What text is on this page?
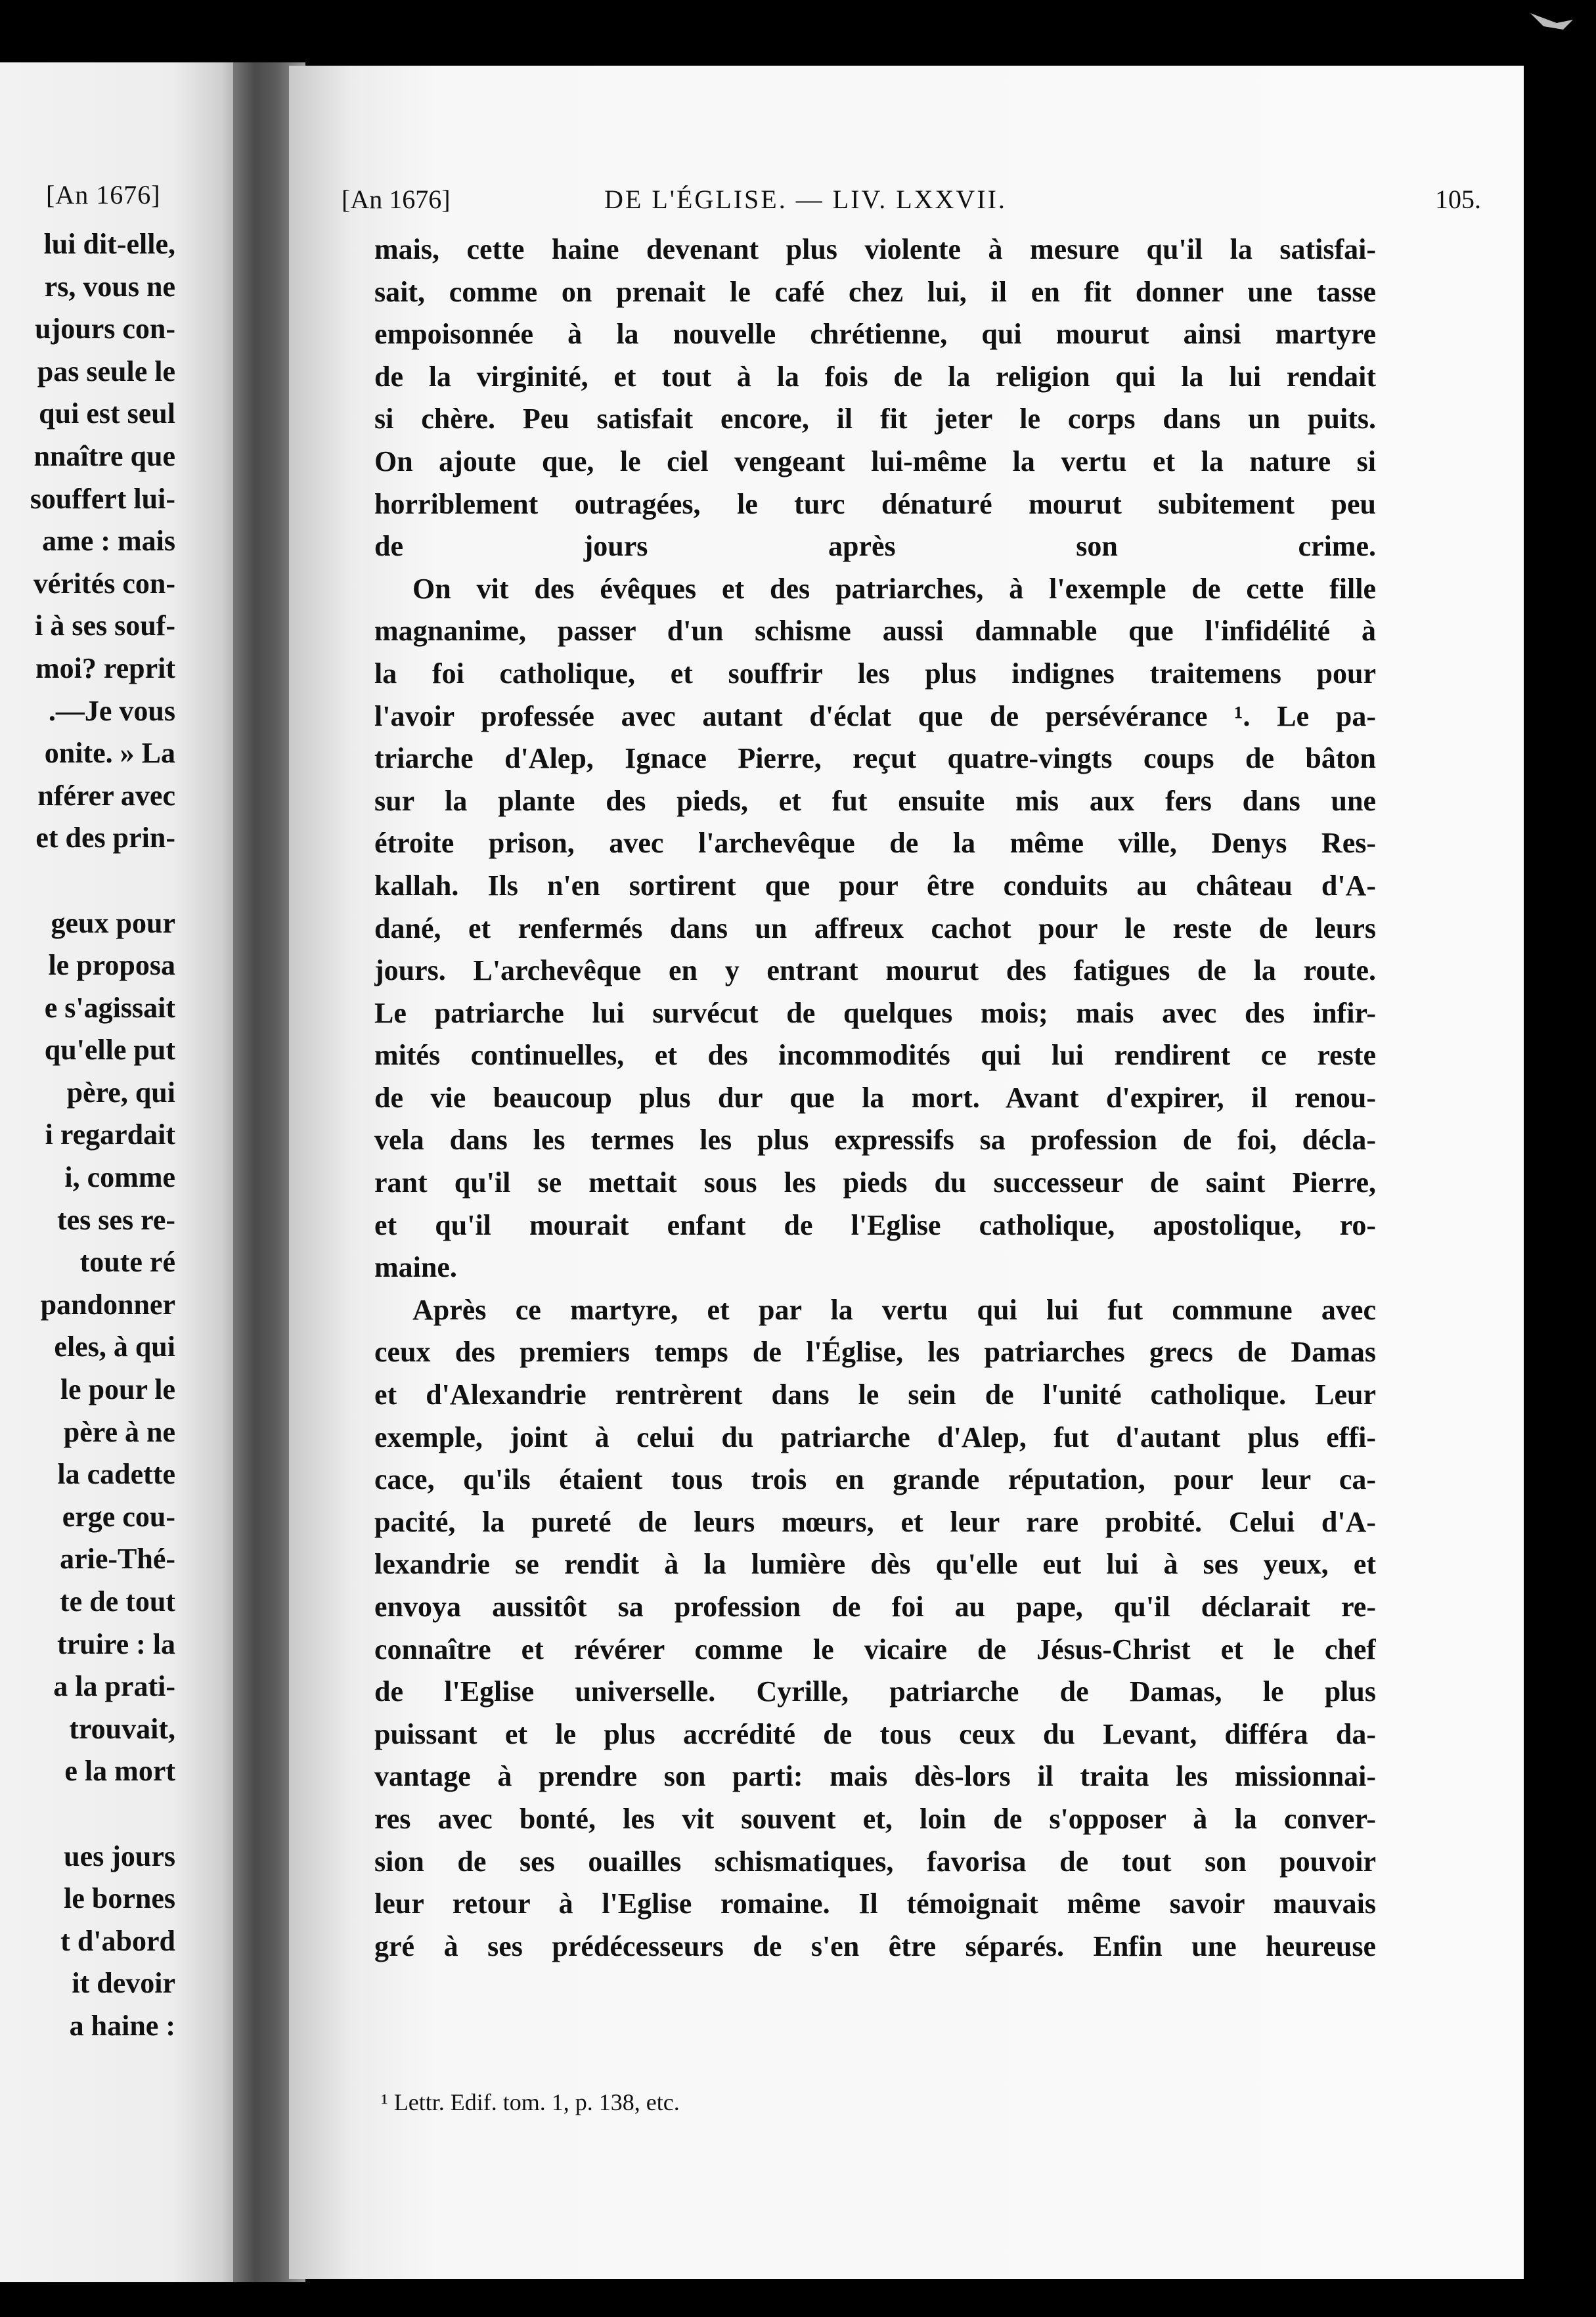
[An 1676]
lui dit-elle,
rs, vous ne
ujours con-
pas seule le
qui est seul
nnaître que
souffert lui-
ame : mais
vérités con-
i à ses souf-
moi? reprit
.—Je vous
onite. » La
nférer avec
et des prin-

geux pour
le proposa
e s'agissait
qu'elle put
père, qui
i regardait
i, comme
tes ses re-
toute ré
pandonner
eles, à qui
le pour le
père à ne
la cadette
erge cou-
arie-Thé-
te de tout
truire : la
a la prati-
trouvait,
e la mort

ues jours
le bornes
t d'abord
it devoir
a haine :
[An 1676]	DE L'ÉGLISE. — LIV. LXXVII.	105.
mais, cette haine devenant plus violente à mesure qu'il la satisfai-
sait, comme on prenait le café chez lui, il en fit donner une tasse
empoisonnée à la nouvelle chrétienne, qui mourut ainsi martyre
de la virginité, et tout à la fois de la religion qui la lui rendait
si chère. Peu satisfait encore, il fit jeter le corps dans un puits.
On ajoute que, le ciel vengeant lui-même la vertu et la nature si
horriblement outragées, le turc dénaturé mourut subitement peu
de jours après son crime.
On vit des évêques et des patriarches, à l'exemple de cette fille
magnanime, passer d'un schisme aussi damnable que l'infidélité à
la foi catholique, et souffrir les plus indignes traitemens pour
l'avoir professée avec autant d'éclat que de persévérance ¹. Le pa-
triarche d'Alep, Ignace Pierre, reçut quatre-vingts coups de bâton
sur la plante des pieds, et fut ensuite mis aux fers dans une
étroite prison, avec l'archevêque de la même ville, Denys Res-
kallah. Ils n'en sortirent que pour être conduits au château d'A-
dané, et renfermés dans un affreux cachot pour le reste de leurs
jours. L'archevêque en y entrant mourut des fatigues de la route.
Le patriarche lui survécut de quelques mois; mais avec des infir-
mités continuelles, et des incommodités qui lui rendirent ce reste
de vie beaucoup plus dur que la mort. Avant d'expirer, il renou-
vela dans les termes les plus expressifs sa profession de foi, décla-
rant qu'il se mettait sous les pieds du successeur de saint Pierre,
et qu'il mourait enfant de l'Eglise catholique, apostolique, ro-
maine.
Après ce martyre, et par la vertu qui lui fut commune avec
ceux des premiers temps de l'Église, les patriarches grecs de Damas
et d'Alexandrie rentrèrent dans le sein de l'unité catholique. Leur
exemple, joint à celui du patriarche d'Alep, fut d'autant plus effi-
cace, qu'ils étaient tous trois en grande réputation, pour leur ca-
pacité, la pureté de leurs mœurs, et leur rare probité. Celui d'A-
lexandrie se rendit à la lumière dès qu'elle eut lui à ses yeux, et
envoya aussitôt sa profession de foi au pape, qu'il déclarait re-
connaître et révérer comme le vicaire de Jésus-Christ et le chef
de l'Eglise universelle. Cyrille, patriarche de Damas, le plus
puissant et le plus accrédité de tous ceux du Levant, différa da-
vantage à prendre son parti: mais dès-lors il traita les missionnai-
res avec bonté, les vit souvent et, loin de s'opposer à la conver-
sion de ses ouailles schismatiques, favorisa de tout son pouvoir
leur retour à l'Eglise romaine. Il témoignait même savoir mauvais
gré à ses prédécesseurs de s'en être séparés. Enfin une heureuse
¹ Lettr. Edif. tom. 1, p. 138, etc.
